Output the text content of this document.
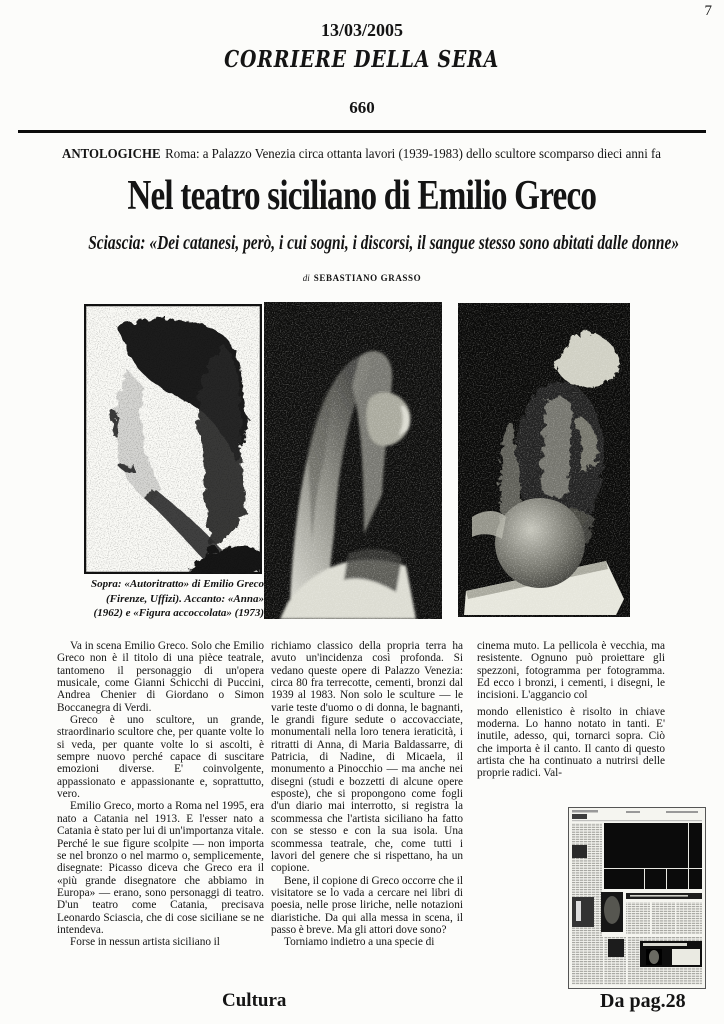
7
13/03/2005
CORRIERE DELLA SERA
660
ANTOLOGICHE Roma: a Palazzo Venezia circa ottanta lavori (1939-1983) dello scultore scomparso dieci anni fa
Nel teatro siciliano di Emilio Greco
Sciascia: «Dei catanesi, però, i cui sogni, i discorsi, il sangue stesso sono abitati dalle donne»
di SEBASTIANO GRASSO
Sopra: «Autoritratto» di Emilio Greco
(Firenze, Uffizi). Accanto: «Anna»
(1962) e «Figura accoccolata» (1973)

Va in scena Emilio Greco. Solo che Emilio Greco non è il titolo di una pièce teatrale, tantomeno il personaggio di un'opera musicale, come Gianni Schicchi di Puccini, Andrea Chenier di Giordano o Simon Boccanegra di Verdi.

Greco è uno scultore, un grande, straordinario scultore che, per quante volte lo si veda, per quante volte lo si ascolti, è sempre nuovo perché capace di suscitare emozioni diverse. E' coinvolgente, appassionato e appassionante e, soprattutto, vero.

Emilio Greco, morto a Roma nel 1995, era nato a Catania nel 1913. E l'esser nato a Catania è stato per lui di un'importanza vitale. Perché le sue figure scolpite — non importa se nel bronzo o nel marmo o, semplicemente, disegnate: Picasso diceva che Greco era il «più grande disegnatore che abbiamo in Europa» — erano, sono personaggi di teatro. D'un teatro come Catania, precisava Leonardo Sciascia, che di cose siciliane se ne intendeva.

Forse in nessun artista siciliano il

richiamo classico della propria terra ha avuto un'incidenza così profonda. Si vedano queste opere di Palazzo Venezia: circa 80 fra terrecotte, cementi, bronzi dal 1939 al 1983. Non solo le sculture — le varie teste d'uomo o di donna, le bagnanti, le grandi figure sedute o accovacciate, monumentali nella loro tenera ieraticità, i ritratti di Anna, di Maria Baldassarre, di Patricia, di Nadine, di Micaela, il monumento a Pinocchio — ma anche nei disegni (studi e bozzetti di alcune opere esposte), che si propongono come fogli d'un diario mai interrotto, si registra la scommessa che l'artista siciliano ha fatto con se stesso e con la sua isola. Una scommessa teatrale, che, come tutti i lavori del genere che si rispettano, ha un copione.

Bene, il copione di Greco occorre che il visitatore se lo vada a cercare nei libri di poesia, nelle prose liriche, nelle notazioni diaristiche. Da qui alla messa in scena, il passo è breve. Ma gli attori dove sono?

Torniamo indietro a una specie di

cinema muto. La pellicola è vecchia, ma resistente. Ognuno può proiettare gli spezzoni, fotogramma per fotogramma. Ed ecco i bronzi, i cementi, i disegni, le incisioni. L'aggancio col

mondo ellenistico è risolto in chiave moderna. Lo hanno notato in tanti. E' inutile, adesso, qui, tornarci sopra. Ciò che importa è il canto. Il canto di questo artista che ha continuato a nutrirsi delle proprie radici. Val-

Cultura	Da pag.28
